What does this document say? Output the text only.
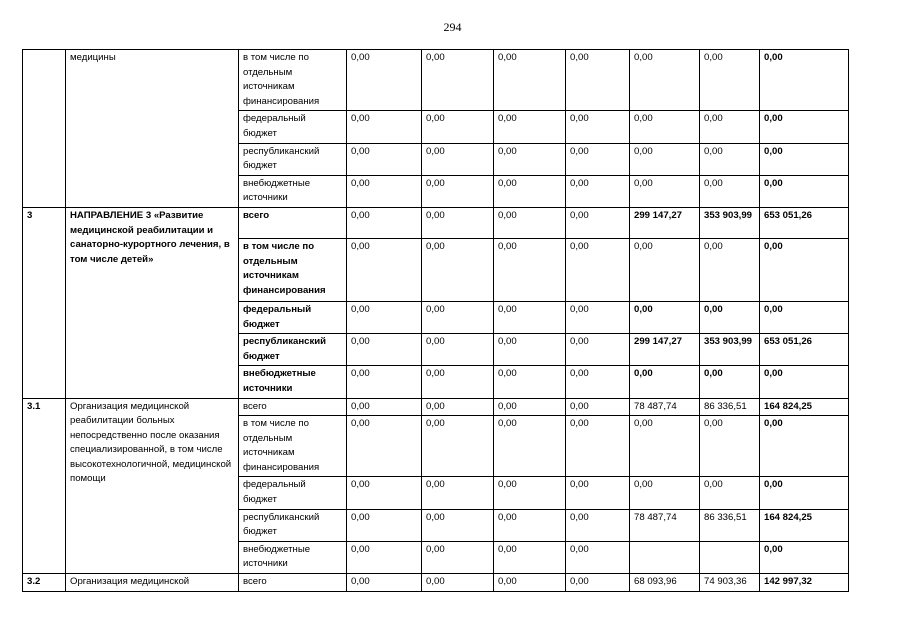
294
	медицины	в том числе по отдельным источникам финансирования	0,00	0,00	0,00	0,00	0,00	0,00	0,00
		федеральный бюджет	0,00	0,00	0,00	0,00	0,00	0,00	0,00
		республиканский бюджет	0,00	0,00	0,00	0,00	0,00	0,00	0,00
		внебюджетные источники	0,00	0,00	0,00	0,00	0,00	0,00	0,00
3	НАПРАВЛЕНИЕ 3 «Развитие медицинской реабилитации и санаторно-курортного лечения, в том числе детей»	всего	0,00	0,00	0,00	0,00	299 147,27	353 903,99	653 051,26
		в том числе по отдельным источникам финансирования	0,00	0,00	0,00	0,00	0,00	0,00	0,00
		федеральный бюджет	0,00	0,00	0,00	0,00	0,00	0,00	0,00
		республиканский бюджет	0,00	0,00	0,00	0,00	299 147,27	353 903,99	653 051,26
		внебюджетные источники	0,00	0,00	0,00	0,00	0,00	0,00	0,00
3.1	Организация медицинской реабилитации больных непосредственно после оказания специализированной, в том числе высокотехнологичной, медицинской помощи	всего	0,00	0,00	0,00	0,00	78 487,74	86 336,51	164 824,25
		в том числе по отдельным источникам финансирования	0,00	0,00	0,00	0,00	0,00	0,00	0,00
		федеральный бюджет	0,00	0,00	0,00	0,00	0,00	0,00	0,00
		республиканский бюджет	0,00	0,00	0,00	0,00	78 487,74	86 336,51	164 824,25
		внебюджетные источники	0,00	0,00	0,00	0,00			0,00
3.2	Организация медицинской	всего	0,00	0,00	0,00	0,00	68 093,96	74 903,36	142 997,32
